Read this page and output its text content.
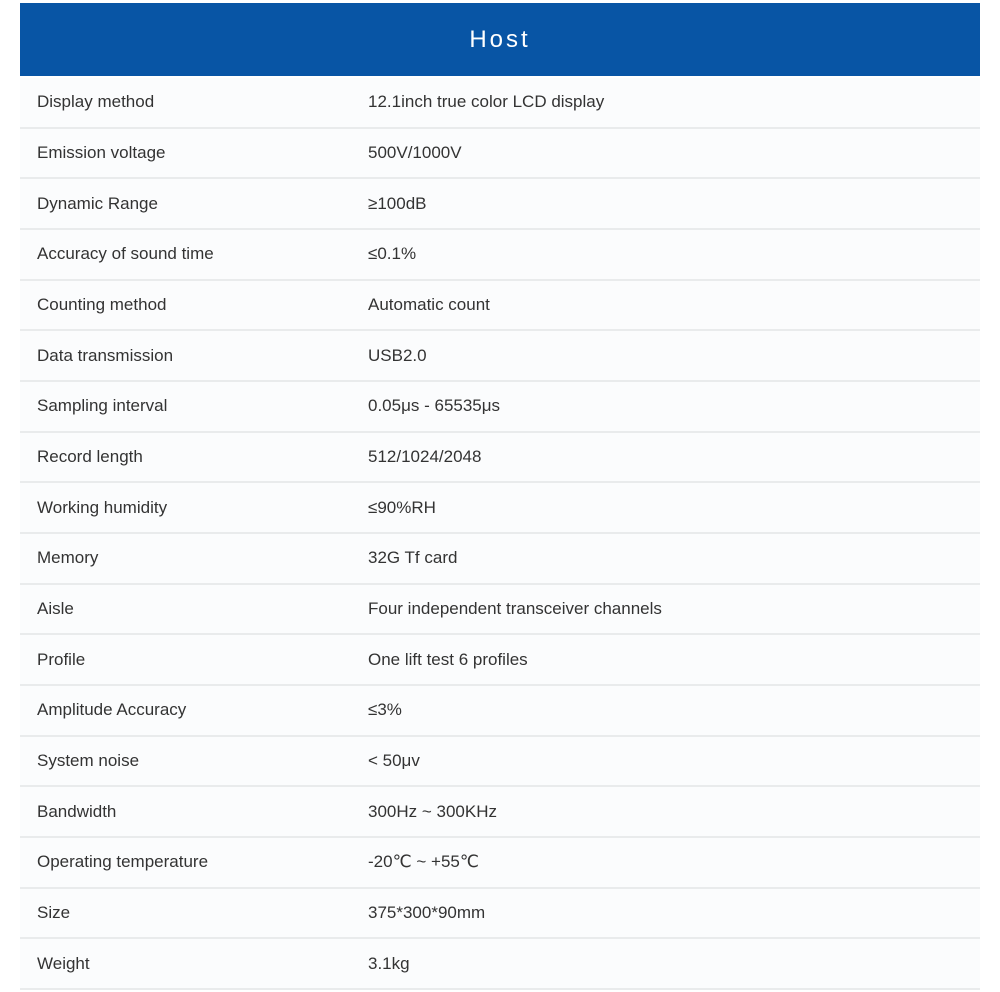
Host
Display method	12.1inch true color LCD display
Emission voltage	500V/1000V
Dynamic Range	≥100dB
Accuracy of sound time	≤0.1%
Counting method	Automatic count
Data transmission	USB2.0
Sampling interval	0.05μs - 65535μs
Record length	512/1024/2048
Working humidity	≤90%RH
Memory	32G Tf card
Aisle	Four independent transceiver channels
Profile	One lift test 6 profiles
Amplitude Accuracy	≤3%
System noise	< 50μv
Bandwidth	300Hz ~ 300KHz
Operating temperature	-20℃ ~ +55℃
Size	375*300*90mm
Weight	3.1kg
